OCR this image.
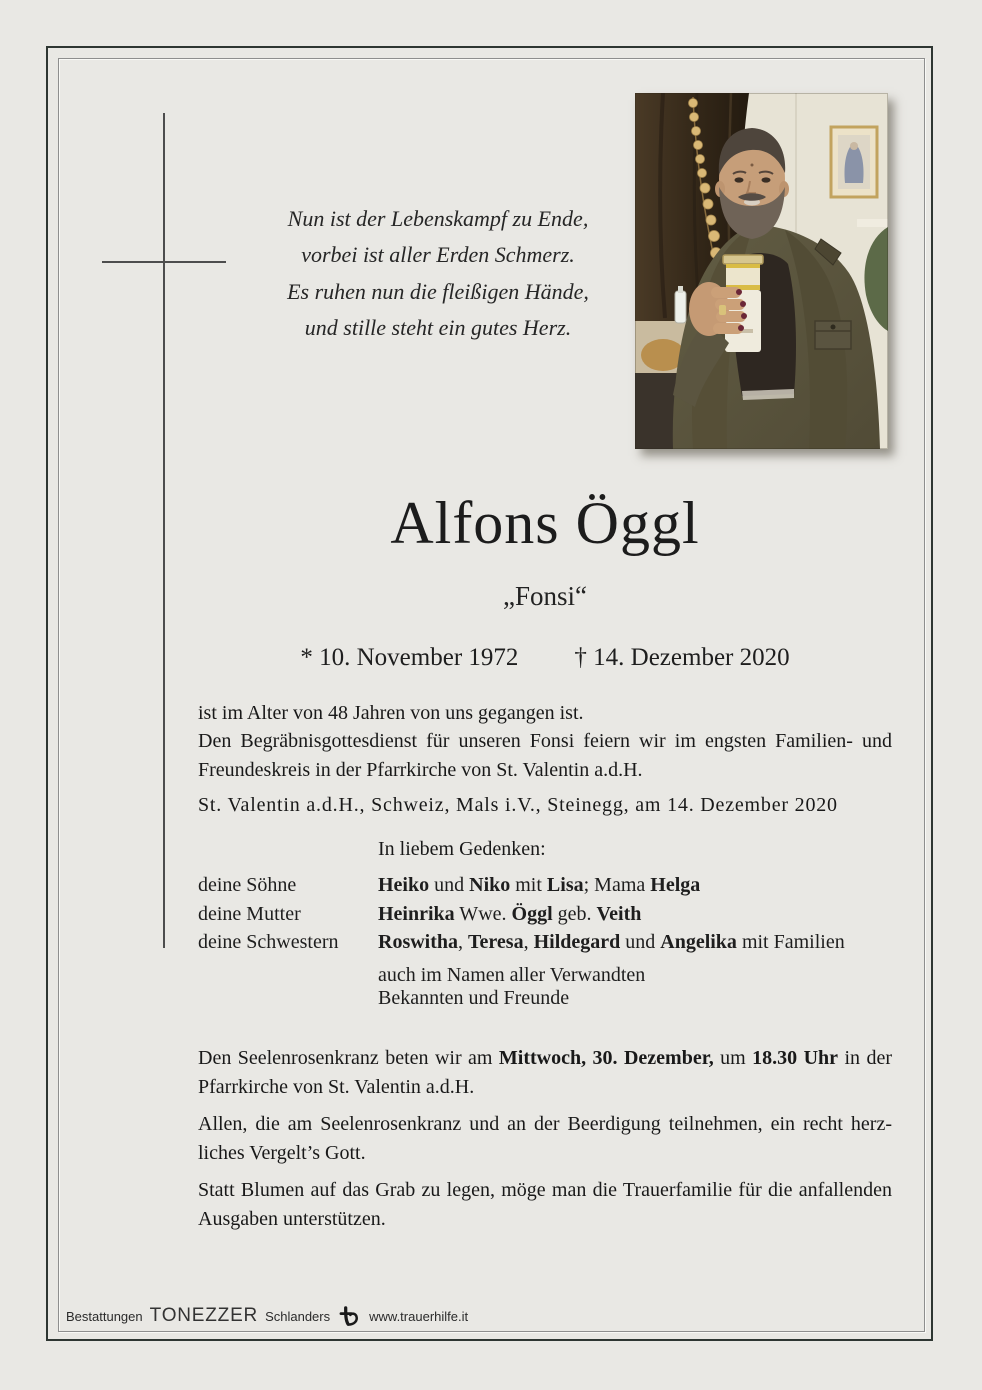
Nun ist der Lebenskampf zu Ende,
vorbei ist aller Erden Schmerz.
Es ruhen nun die fleißigen Hände,
und stille steht ein gutes Herz.
Alfons Öggl
„Fonsi“
* 10. November 1972 † 14. Dezember 2020
ist im Alter von 48 Jahren von uns gegangen ist.
Den Begräbnisgottesdienst für unseren Fonsi feiern wir im engsten Familien- und
Freundeskreis in der Pfarrkirche von St. Valentin a.d.H.
St. Valentin a.d.H., Schweiz, Mals i.V., Steinegg, am 14. Dezember 2020
In liebem Gedenken:
deine Söhne	Heiko und Niko mit Lisa; Mama Helga
deine Mutter	Heinrika Wwe. Öggl geb. Veith
deine Schwestern	Roswitha, Teresa, Hildegard und Angelika mit Familien
auch im Namen aller Verwandten
Bekannten und Freunde
Den Seelenrosenkranz beten wir am Mittwoch, 30. Dezember, um 18.30 Uhr in der
Pfarrkirche von St. Valentin a.d.H.
Allen, die am Seelenrosenkranz und an der Beerdigung teilnehmen, ein recht herz-
liches Vergelt’s Gott.
Statt Blumen auf das Grab zu legen, möge man die Trauerfamilie für die anfallenden
Ausgaben unterstützen.
Bestattungen TONEZZER Schlanders	www.trauerhilfe.it
